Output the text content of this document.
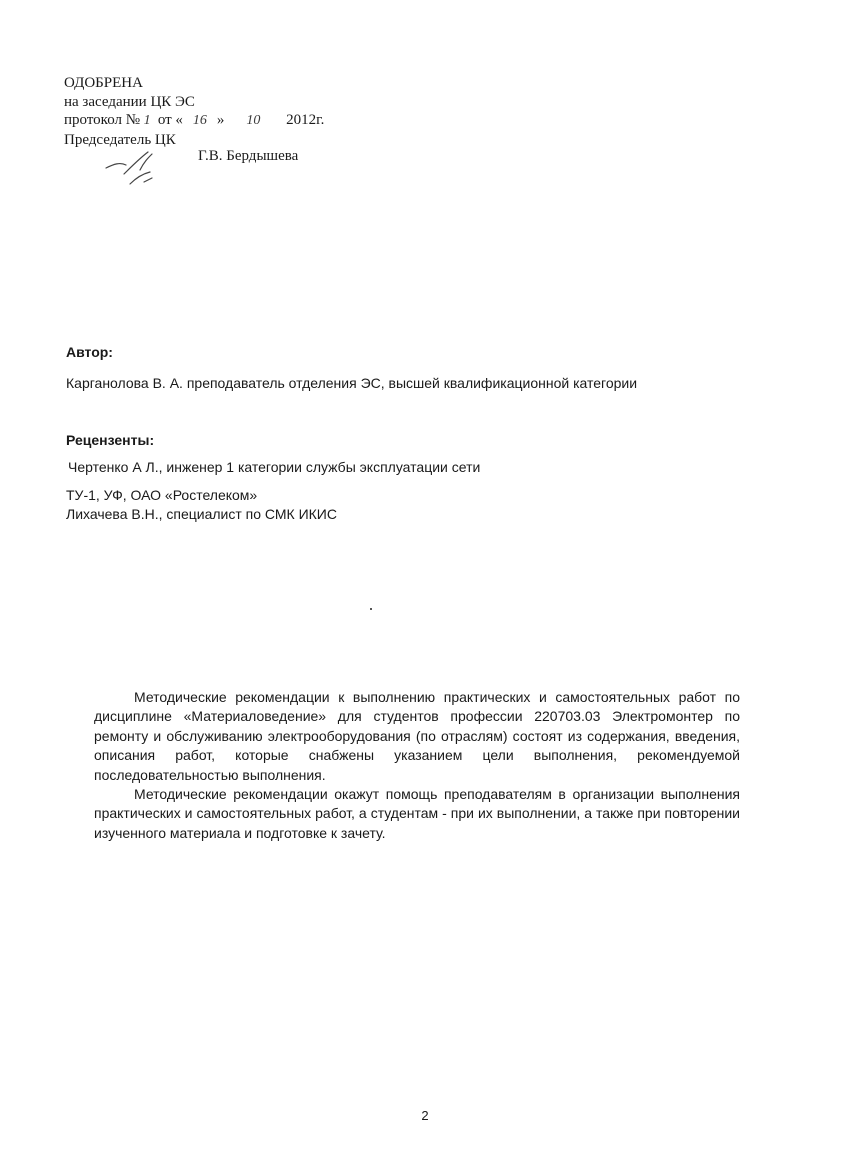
ОДОБРЕНА
на заседании ЦК ЭС
протокол № 1 от « 16 » 10 2012г.
Председатель ЦК
Г.В. Бердышева
Автор:
Карганолова В. А. преподаватель отделения ЭС, высшей квалификационной категории
Рецензенты:
Чертенко А Л., инженер 1 категории службы эксплуатации сети
ТУ-1, УФ, ОАО «Ростелеком»
Лихачева В.Н., специалист по СМК ИКИС

Методические рекомендации к выполнению практических и самостоятельных работ по дисциплине «Материаловедение» для студентов профессии 220703.03 Электромонтер по ремонту и обслуживанию электрооборудования (по отраслям) состоят из содержания, введения, описания работ, которые снабжены указанием цели выполнения, рекомендуемой последовательностью выполнения.

Методические рекомендации окажут помощь преподавателям в организации выполнения практических и самостоятельных работ, а студентам - при их выполнении, а также при повторении изученного материала и подготовке к зачету.

2
